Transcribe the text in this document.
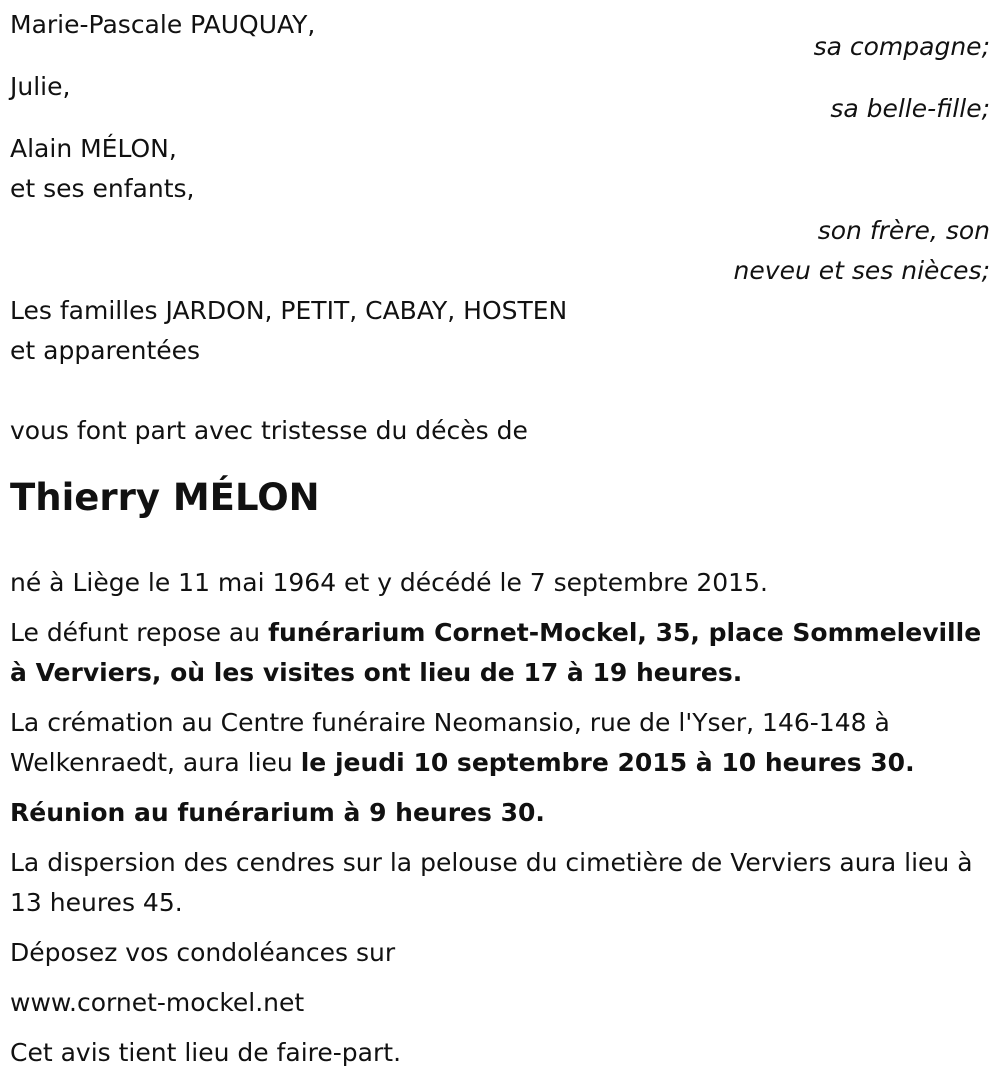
Marie-Pascale PAUQUAY,
sa compagne;
Julie,
sa belle-fille;
Alain MÉLON,
et ses enfants,
son frère, son
neveu et ses nièces;
Les familles JARDON, PETIT, CABAY, HOSTEN
et apparentées
vous font part avec tristesse du décès de
Thierry MÉLON
né à Liège le 11 mai 1964 et y décédé le 7 septembre 2015.
Le défunt repose au funérarium Cornet-Mockel, 35, place Sommeleville à Verviers, où les visites ont lieu de 17 à 19 heures.
La crémation au Centre funéraire Neomansio, rue de l'Yser, 146-148 à Welkenraedt, aura lieu le jeudi 10 septembre 2015 à 10 heures 30.
Réunion au funérarium à 9 heures 30.
La dispersion des cendres sur la pelouse du cimetière de Verviers aura lieu à 13 heures 45.
Déposez vos condoléances sur
www.cornet-mockel.net
Cet avis tient lieu de faire-part.
